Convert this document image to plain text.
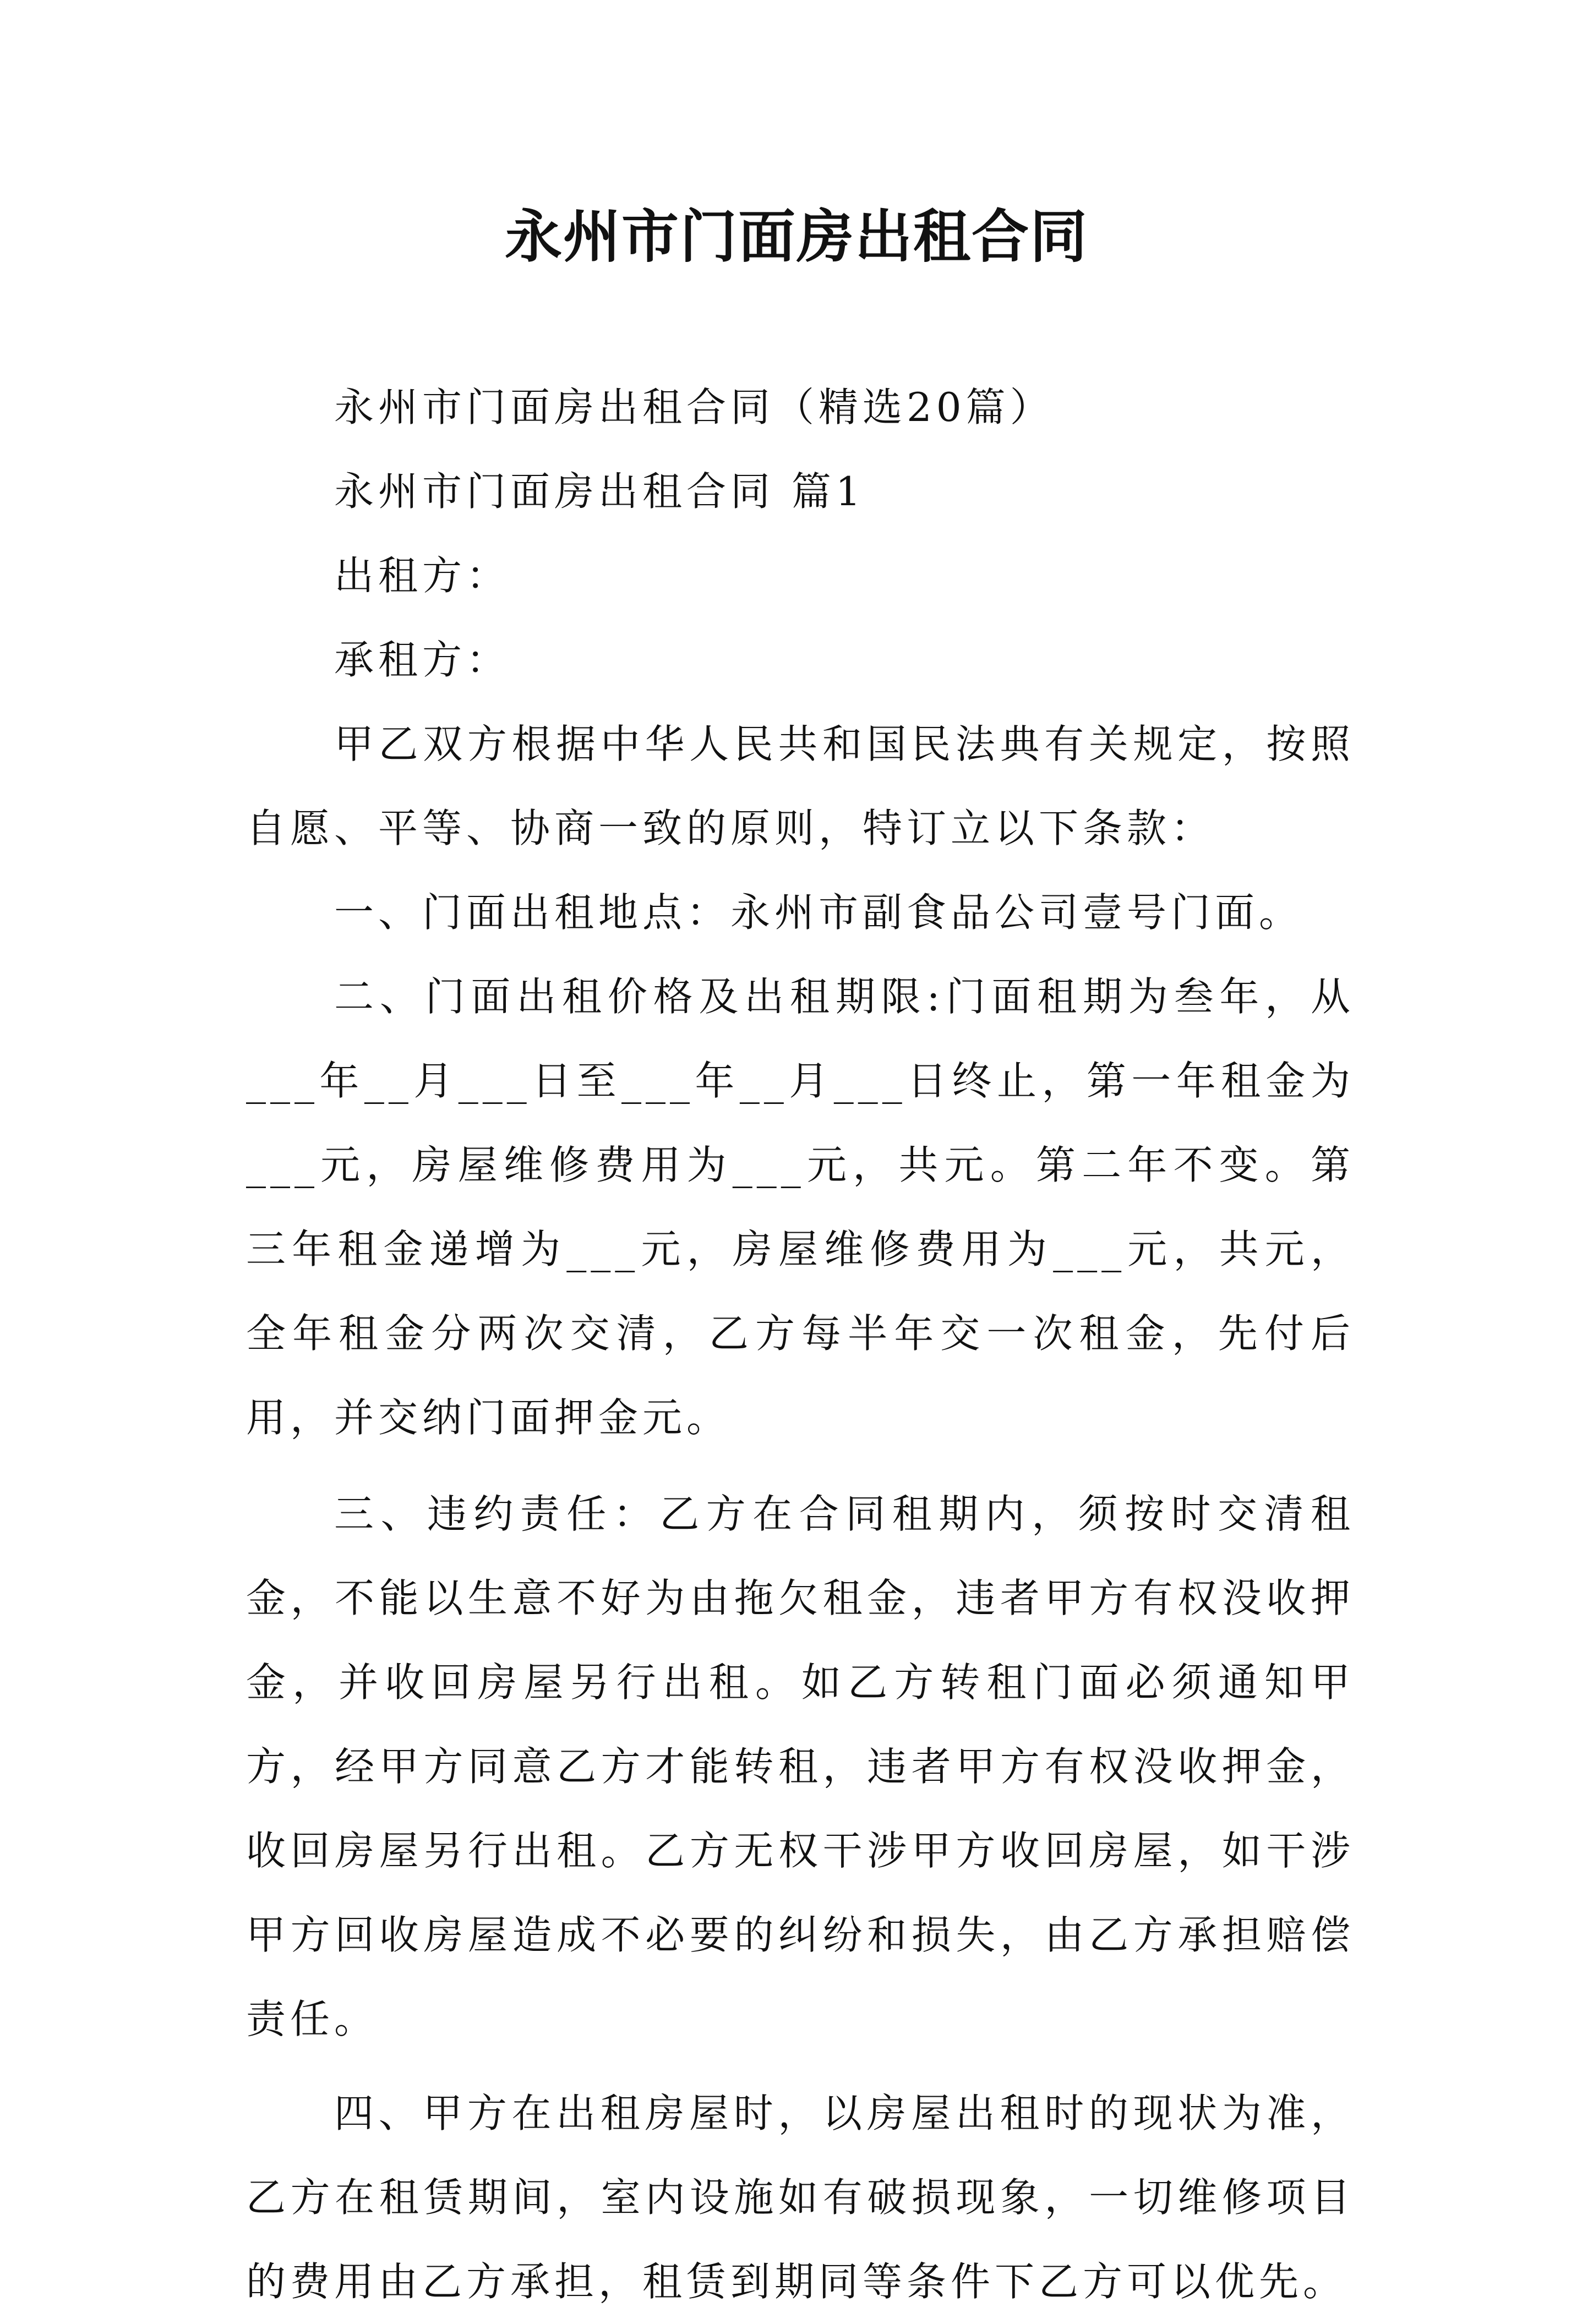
永州市门面房出租合同

永州市门面房出租合同（精选20篇）

永州市门面房出租合同 篇1

出租方：

承租方：

甲乙双方根据中华人民共和国民法典有关规定，按照自愿、平等、协商一致的原则，特订立以下条款：

一、门面出租地点：永州市副食品公司壹号门面。

二、门面出租价格及出租期限:门面租期为叁年，从___年__月___日至___年__月___日终止，第一年租金为___元，房屋维修费用为___元，共元。第二年不变。第三年租金递增为___元，房屋维修费用为___元，共元，全年租金分两次交清，乙方每半年交一次租金，先付后用，并交纳门面押金元。

三、违约责任：乙方在合同租期内，须按时交清租金，不能以生意不好为由拖欠租金，违者甲方有权没收押金，并收回房屋另行出租。如乙方转租门面必须通知甲方，经甲方同意乙方才能转租，违者甲方有权没收押金，收回房屋另行出租。乙方无权干涉甲方收回房屋，如干涉甲方回收房屋造成不必要的纠纷和损失，由乙方承担赔偿责任。

四、甲方在出租房屋时，以房屋出租时的现状为准，乙方在租赁期间，室内设施如有破损现象，一切维修项目的费用由乙方承担，租赁到期同等条件下乙方可以优先。
